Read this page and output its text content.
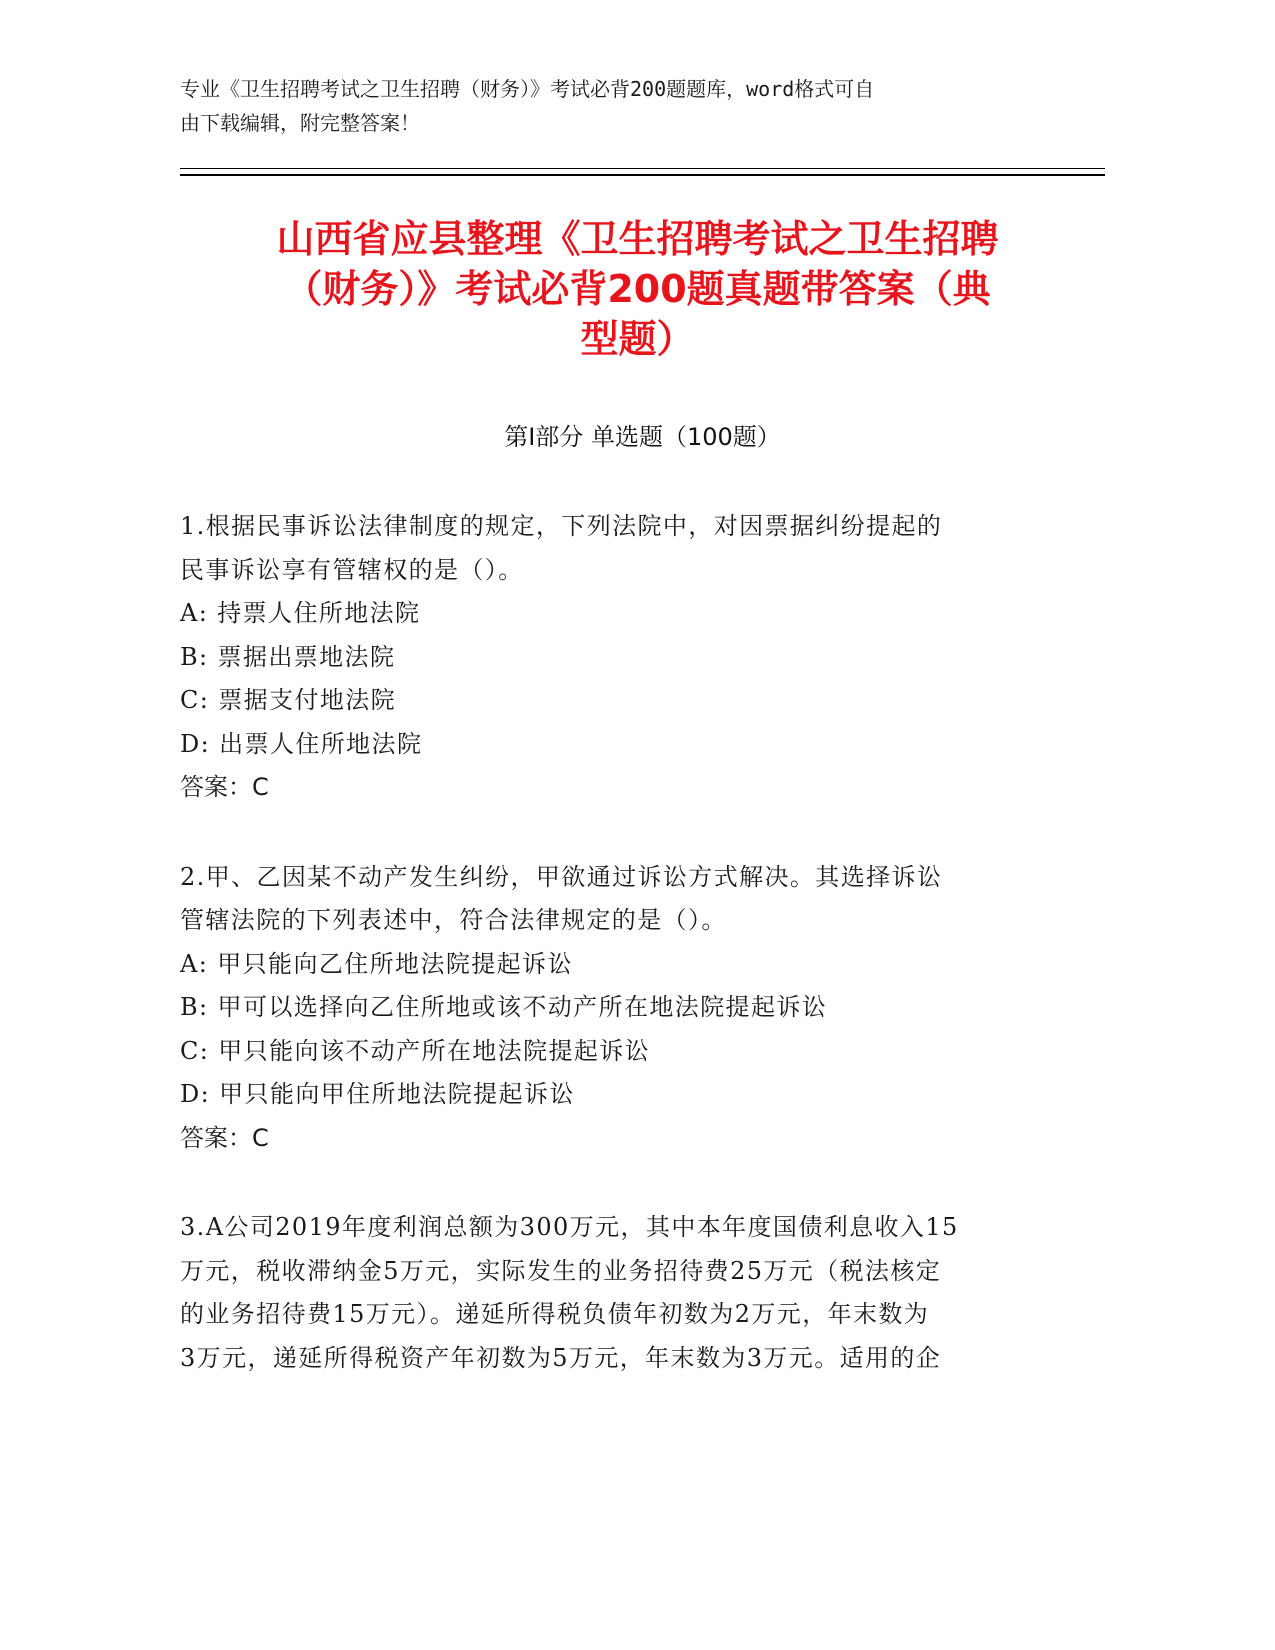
专业《卫生招聘考试之卫生招聘（财务）》考试必背200题题库，word格式可自
由下载编辑，附完整答案！
山西省应县整理《卫生招聘考试之卫生招聘
（财务）》考试必背200题真题带答案（典
型题）
第Ⅰ部分 单选题（100题）
1.根据民事诉讼法律制度的规定，下列法院中，对因票据纠纷提起的
民事诉讼享有管辖权的是（）。
A: 持票人住所地法院
B: 票据出票地法院
C: 票据支付地法院
D: 出票人住所地法院
答案：C
2.甲、乙因某不动产发生纠纷，甲欲通过诉讼方式解决。其选择诉讼
管辖法院的下列表述中，符合法律规定的是（）。
A: 甲只能向乙住所地法院提起诉讼
B: 甲可以选择向乙住所地或该不动产所在地法院提起诉讼
C: 甲只能向该不动产所在地法院提起诉讼
D: 甲只能向甲住所地法院提起诉讼
答案：C
3.A公司2019年度利润总额为300万元，其中本年度国债利息收入15
万元，税收滞纳金5万元，实际发生的业务招待费25万元（税法核定
的业务招待费15万元）。递延所得税负债年初数为2万元，年末数为
3万元，递延所得税资产年初数为5万元，年末数为3万元。适用的企
